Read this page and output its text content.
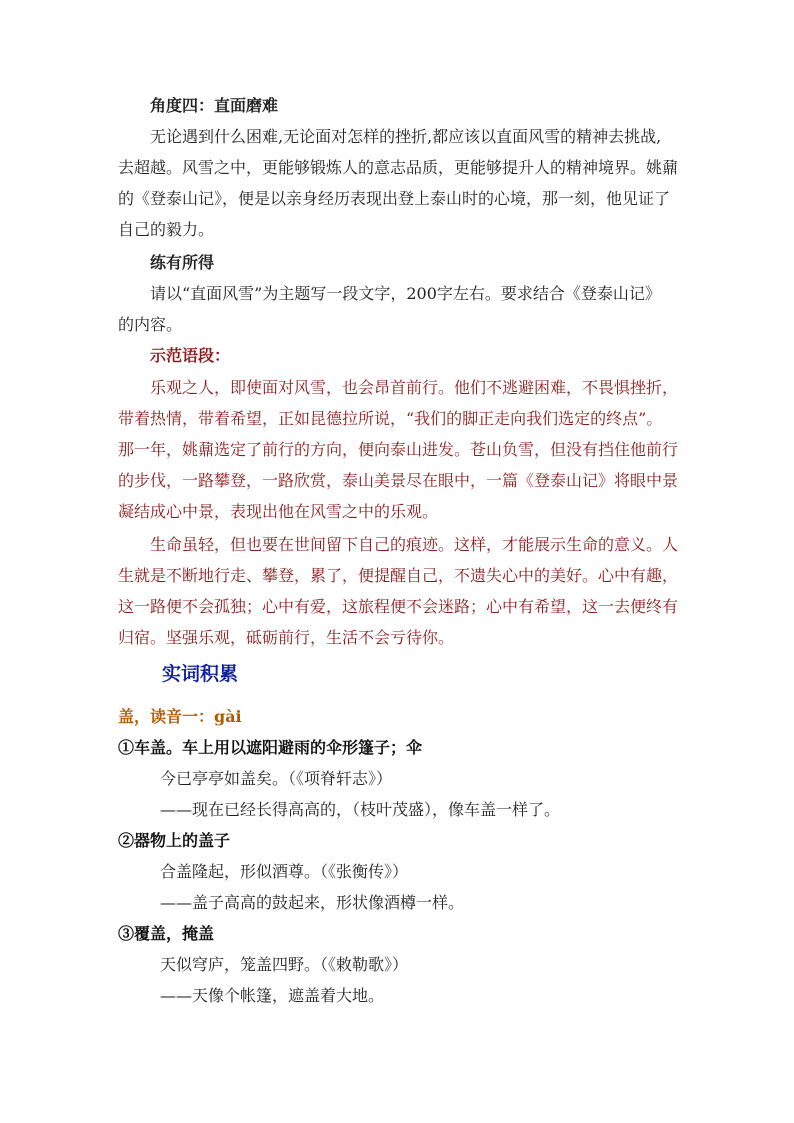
角度四：直面磨难

无论遇到什么困难,无论面对怎样的挫折,都应该以直面风雪的精神去挑战,

去超越。风雪之中，更能够锻炼人的意志品质，更能够提升人的精神境界。姚鼐

的《登泰山记》，便是以亲身经历表现出登上泰山时的心境，那一刻，他见证了

自己的毅力。

练有所得

请以“直面风雪”为主题写一段文字，200字左右。要求结合《登泰山记》

的内容。

示范语段：

乐观之人，即使面对风雪，也会昂首前行。他们不逃避困难，不畏惧挫折，

带着热情，带着希望，正如昆德拉所说，“我们的脚正走向我们选定的终点”。

那一年，姚鼐选定了前行的方向，便向泰山进发。苍山负雪，但没有挡住他前行

的步伐，一路攀登，一路欣赏，泰山美景尽在眼中，一篇《登泰山记》将眼中景

凝结成心中景，表现出他在风雪之中的乐观。

生命虽轻，但也要在世间留下自己的痕迹。这样，才能展示生命的意义。人

生就是不断地行走、攀登，累了，便提醒自己，不遗失心中的美好。心中有趣，

这一路便不会孤独；心中有爱，这旅程便不会迷路；心中有希望，这一去便终有

归宿。坚强乐观，砥砺前行，生活不会亏待你。

实词积累

盖，读音一：gài

①车盖。车上用以遮阳避雨的伞形篷子；伞

今已亭亭如盖矣。（《项脊轩志》）

——现在已经长得高高的，（枝叶茂盛），像车盖一样了。

②器物上的盖子

合盖隆起，形似酒尊。（《张衡传》）

——盖子高高的鼓起来，形状像酒樽一样。

③覆盖，掩盖

天似穹庐，笼盖四野。（《敕勒歌》）

——天像个帐篷，遮盖着大地。
